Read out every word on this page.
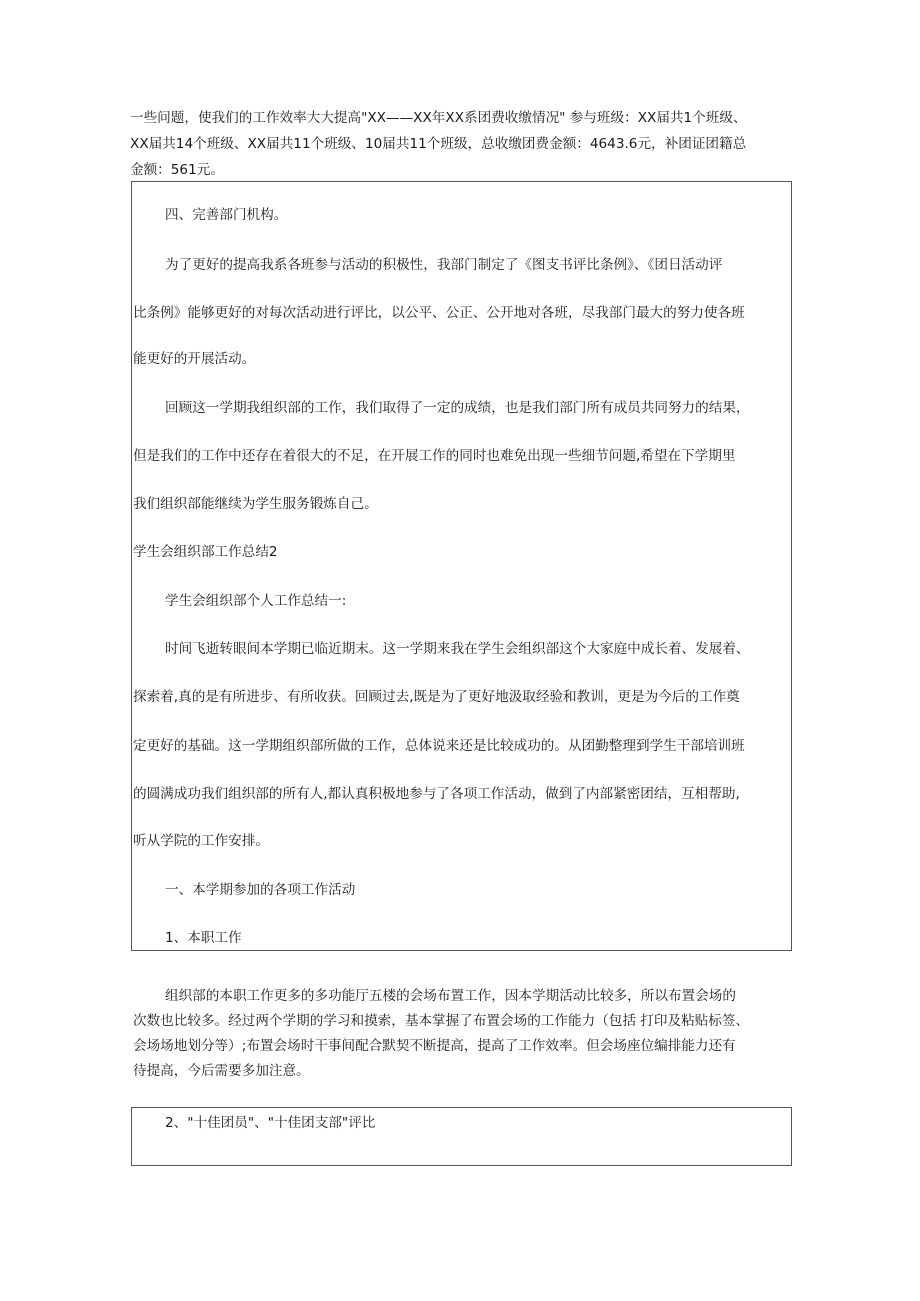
一些问题，使我们的工作效率大大提高"XX——XX年XX系团费收缴情况" 参与班级：XX届共1个班级、
XX届共14个班级、XX届共11个班级、10届共11个班级，总收缴团费金额：4643.6元，补团证团籍总
金额：561元。
四、完善部门机构。
为了更好的提高我系各班参与活动的积极性，我部门制定了《图支书评比条例》、《团日活动评
比条例》能够更好的对每次活动进行评比，以公平、公正、公开地对各班，尽我部门最大的努力使各班
能更好的开展活动。
回顾这一学期我组织部的工作，我们取得了一定的成绩，也是我们部门所有成员共同努力的结果，
但是我们的工作中还存在着很大的不足，在开展工作的同时也难免出现一些细节问题,希望在下学期里
我们组织部能继续为学生服务锻炼自己。
学生会组织部工作总结2
学生会组织部个人工作总结一:
时间飞逝转眼间本学期已临近期末。这一学期来我在学生会组织部这个大家庭中成长着、发展着、
探索着,真的是有所进步、有所收获。回顾过去,既是为了更好地汲取经验和教训，更是为今后的工作奠
定更好的基础。这一学期组织部所做的工作，总体说来还是比较成功的。从团勤整理到学生干部培训班
的圆满成功我们组织部的所有人,都认真积极地参与了各项工作活动，做到了内部紧密团结，互相帮助,
听从学院的工作安排。
一、本学期参加的各项工作活动
1、本职工作
组织部的本职工作更多的多功能厅五楼的会场布置工作，因本学期活动比较多，所以布置会场的
次数也比较多。经过两个学期的学习和摸索，基本掌握了布置会场的工作能力（包括 打印及粘贴标签、
会场场地划分等）;布置会场时干事间配合默契不断提高，提高了工作效率。但会场座位编排能力还有
待提高，今后需要多加注意。
2、"十佳团员"、"十佳团支部"评比
